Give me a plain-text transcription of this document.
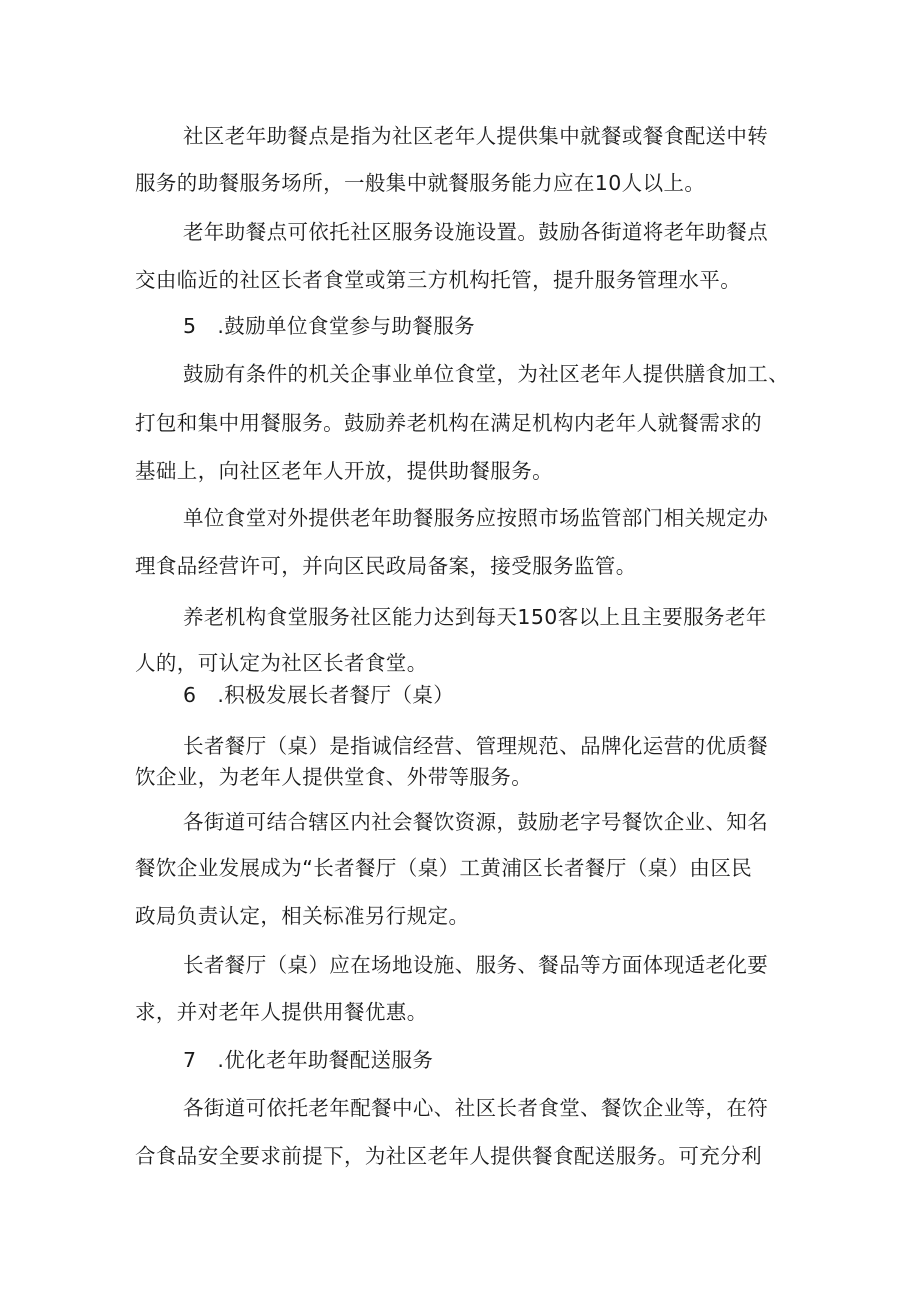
社区老年助餐点是指为社区老年人提供集中就餐或餐食配送中转
服务的助餐服务场所，一般集中就餐服务能力应在10人以上。
老年助餐点可依托社区服务设施设置。鼓励各街道将老年助餐点
交由临近的社区长者食堂或第三方机构托管，提升服务管理水平。
5　.鼓励单位食堂参与助餐服务
鼓励有条件的机关企事业单位食堂，为社区老年人提供膳食加工、
打包和集中用餐服务。鼓励养老机构在满足机构内老年人就餐需求的
基础上，向社区老年人开放，提供助餐服务。
单位食堂对外提供老年助餐服务应按照市场监管部门相关规定办
理食品经营许可，并向区民政局备案，接受服务监管。
养老机构食堂服务社区能力达到每天150客以上且主要服务老年
人的，可认定为社区长者食堂。
6　.积极发展长者餐厅（桌）
长者餐厅（桌）是指诚信经营、管理规范、品牌化运营的优质餐
饮企业，为老年人提供堂食、外带等服务。
各街道可结合辖区内社会餐饮资源，鼓励老字号餐饮企业、知名
餐饮企业发展成为“长者餐厅（桌）工黄浦区长者餐厅（桌）由区民
政局负责认定，相关标准另行规定。
长者餐厅（桌）应在场地设施、服务、餐品等方面体现适老化要
求，并对老年人提供用餐优惠。
7　.优化老年助餐配送服务
各街道可依托老年配餐中心、社区长者食堂、餐饮企业等，在符
合食品安全要求前提下，为社区老年人提供餐食配送服务。可充分利
